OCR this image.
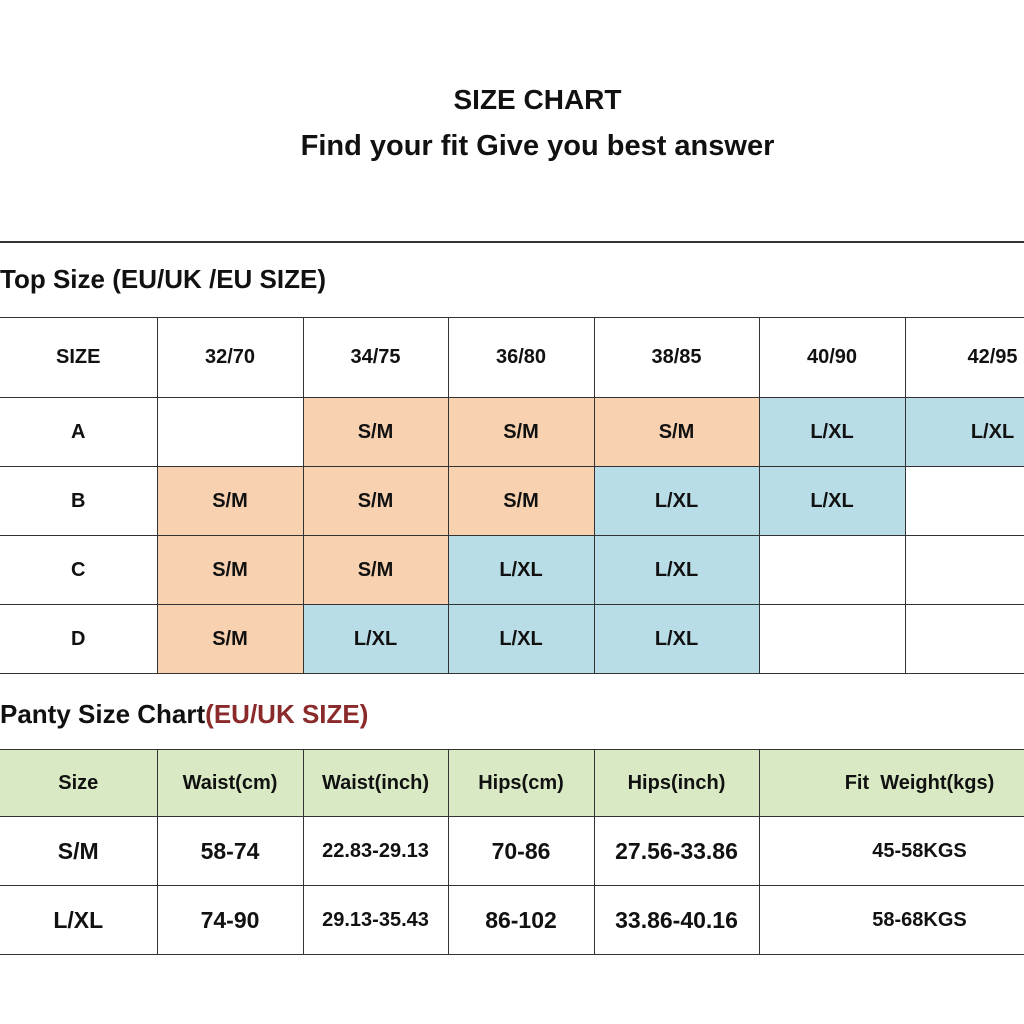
SIZE CHART
Find your fit Give you best answer
Top Size (EU/UK /EU SIZE)
SIZE	32/70	34/75	36/80	38/85	40/90	42/95
A		S/M	S/M	S/M	L/XL	L/XL
B	S/M	S/M	S/M	L/XL	L/XL	
C	S/M	S/M	L/XL	L/XL		
D	S/M	L/XL	L/XL	L/XL		
Panty Size Chart(EU/UK SIZE)
Size	Waist(cm)	Waist(inch)	Hips(cm)	Hips(inch)	Fit  Weight(kgs)
S/M	58-74	22.83-29.13	70-86	27.56-33.86	45-58KGS
L/XL	74-90	29.13-35.43	86-102	33.86-40.16	58-68KGS
